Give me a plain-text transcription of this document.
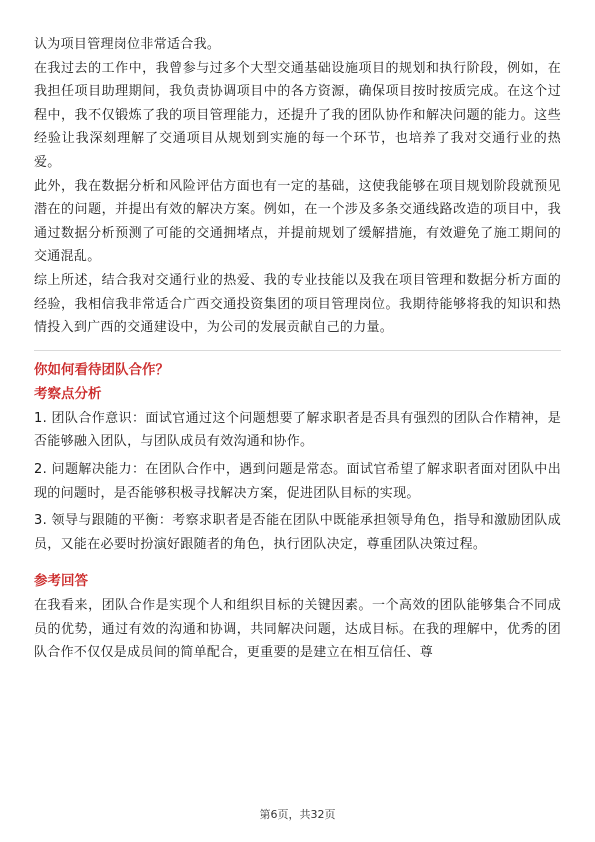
认为项目管理岗位非常适合我。

在我过去的工作中，我曾参与过多个大型交通基础设施项目的规划和执行阶段，例如，在我担任项目助理期间，我负责协调项目中的各方资源，确保项目按时按质完成。在这个过程中，我不仅锻炼了我的项目管理能力，还提升了我的团队协作和解决问题的能力。这些经验让我深刻理解了交通项目从规划到实施的每一个环节，也培养了我对交通行业的热爱。

此外，我在数据分析和风险评估方面也有一定的基础，这使我能够在项目规划阶段就预见潜在的问题，并提出有效的解决方案。例如，在一个涉及多条交通线路改造的项目中，我通过数据分析预测了可能的交通拥堵点，并提前规划了缓解措施，有效避免了施工期间的交通混乱。

综上所述，结合我对交通行业的热爱、我的专业技能以及我在项目管理和数据分析方面的经验，我相信我非常适合广西交通投资集团的项目管理岗位。我期待能够将我的知识和热情投入到广西的交通建设中，为公司的发展贡献自己的力量。

你如何看待团队合作？
考察点分析

1. 团队合作意识：面试官通过这个问题想要了解求职者是否具有强烈的团队合作精神，是否能够融入团队，与团队成员有效沟通和协作。

2. 问题解决能力：在团队合作中，遇到问题是常态。面试官希望了解求职者面对团队中出现的问题时，是否能够积极寻找解决方案，促进团队目标的实现。

3. 领导与跟随的平衡：考察求职者是否能在团队中既能承担领导角色，指导和激励团队成员，又能在必要时扮演好跟随者的角色，执行团队决定，尊重团队决策过程。

参考回答

在我看来，团队合作是实现个人和组织目标的关键因素。一个高效的团队能够集合不同成员的优势，通过有效的沟通和协调，共同解决问题，达成目标。在我的理解中，优秀的团队合作不仅仅是成员间的简单配合，更重要的是建立在相互信任、尊

第6页，共32页
